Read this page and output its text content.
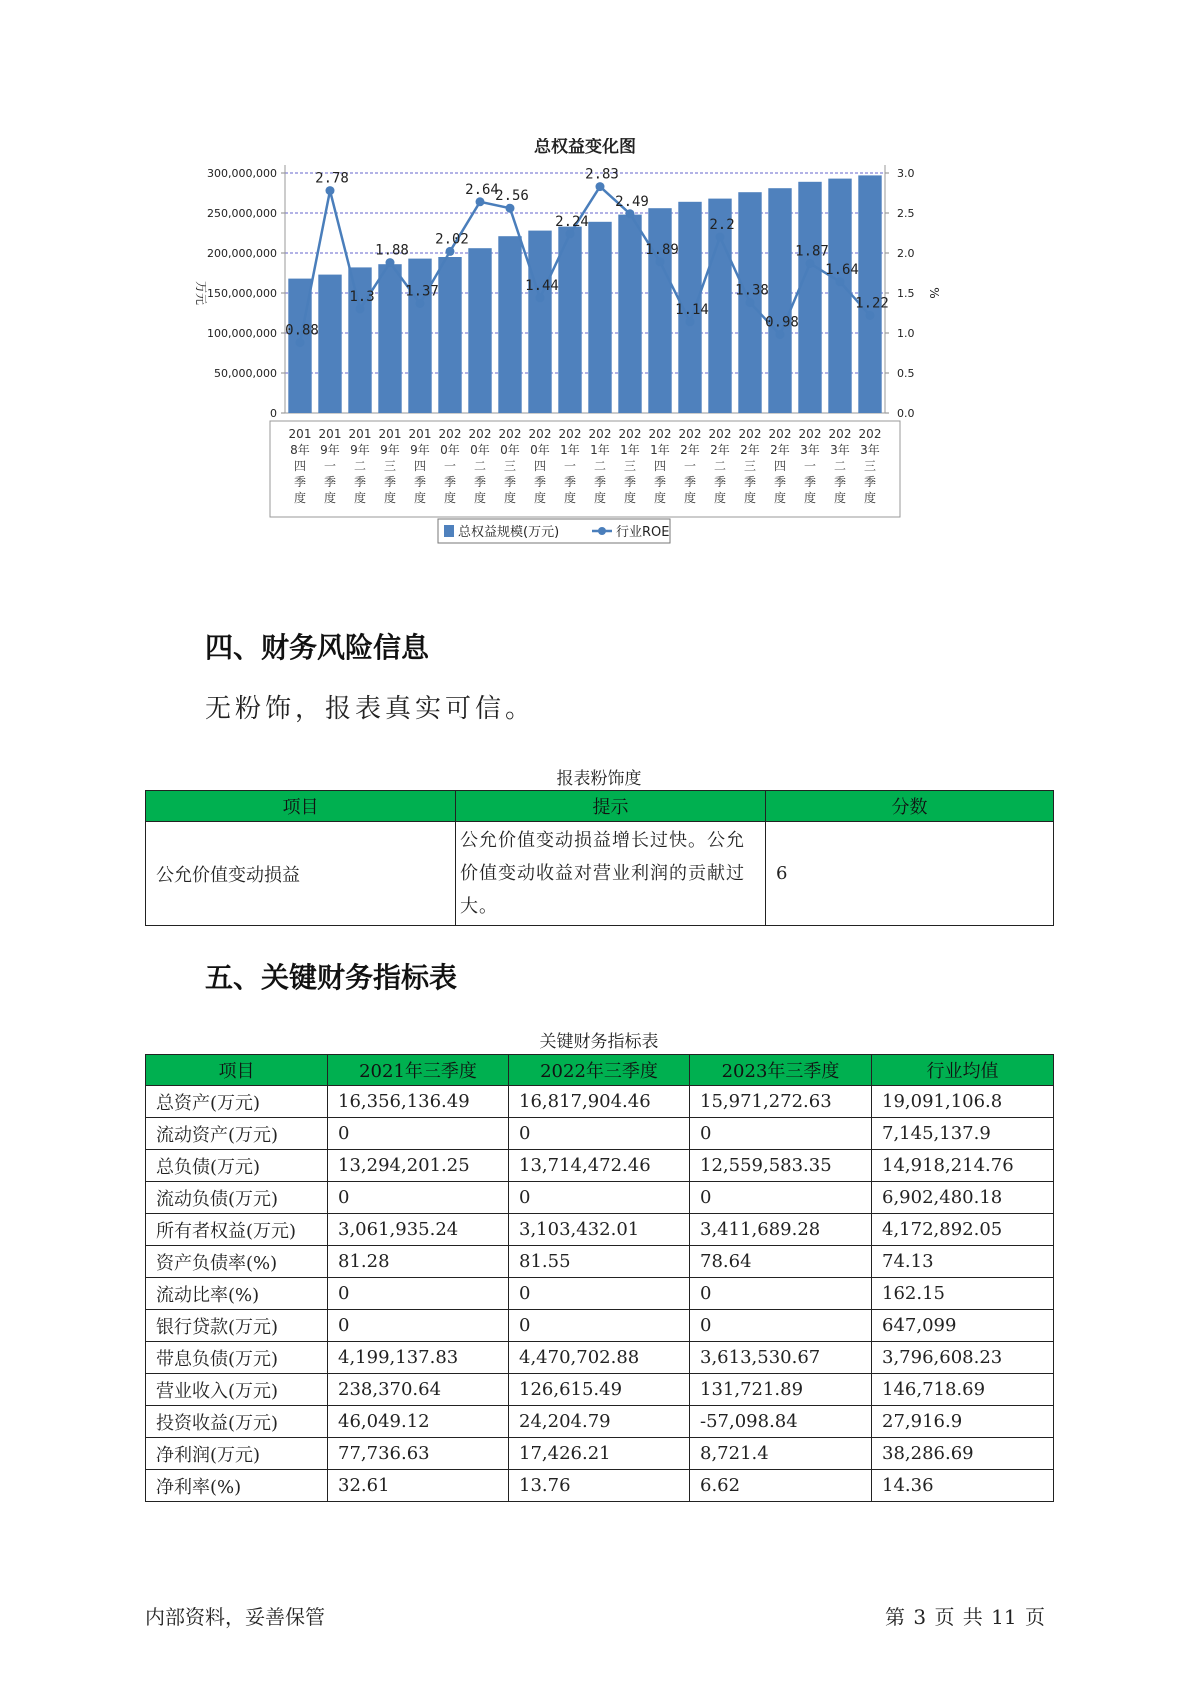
总权益变化图
0
50,000,000
100,000,000
150,000,000
200,000,000
250,000,000
300,000,000
0.0
0.5
1.0
1.5
2.0
2.5
3.0
万元	%
201
8年
四
季
度
201
9年
一
季
度
201
9年
二
季
度
201
9年
三
季
度
201
9年
四
季
度
202
0年
一
季
度
202
0年
二
季
度
202
0年
三
季
度
202
0年
四
季
度
202
1年
一
季
度
202
1年
二
季
度
202
1年
三
季
度
202
1年
四
季
度
202
2年
一
季
度
202
2年
二
季
度
202
2年
三
季
度
202
2年
四
季
度
202
3年
一
季
度
202
3年
二
季
度
202
3年
三
季
度
0.88
2.78
1.3
1.88
1.37
2.02
2.64
2.56
1.44
2.24
2.83
2.49
1.89
1.14
2.2
1.38
0.98
1.87
1.64
1.22
总权益规模(万元)	行业ROE
四、财务风险信息
无粉饰，报表真实可信。
报表粉饰度
项目	提示	分数
公允价值变动损益	公允价值变动损益增长过快。公允价值变动收益对营业利润的贡献过大。	6
五、关键财务指标表
关键财务指标表
项目	2021年三季度	2022年三季度	2023年三季度	行业均值
总资产(万元)	16,356,136.49	16,817,904.46	15,971,272.63	19,091,106.8
流动资产(万元)	0	0	0	7,145,137.9
总负债(万元)	13,294,201.25	13,714,472.46	12,559,583.35	14,918,214.76
流动负债(万元)	0	0	0	6,902,480.18
所有者权益(万元)	3,061,935.24	3,103,432.01	3,411,689.28	4,172,892.05
资产负债率(%)	81.28	81.55	78.64	74.13
流动比率(%)	0	0	0	162.15
银行贷款(万元)	0	0	0	647,099
带息负债(万元)	4,199,137.83	4,470,702.88	3,613,530.67	3,796,608.23
营业收入(万元)	238,370.64	126,615.49	131,721.89	146,718.69
投资收益(万元)	46,049.12	24,204.79	-57,098.84	27,916.9
净利润(万元)	77,736.63	17,426.21	8,721.4	38,286.69
净利率(%)	32.61	13.76	6.62	14.36
内部资料，妥善保管	第 3 页 共 11 页
